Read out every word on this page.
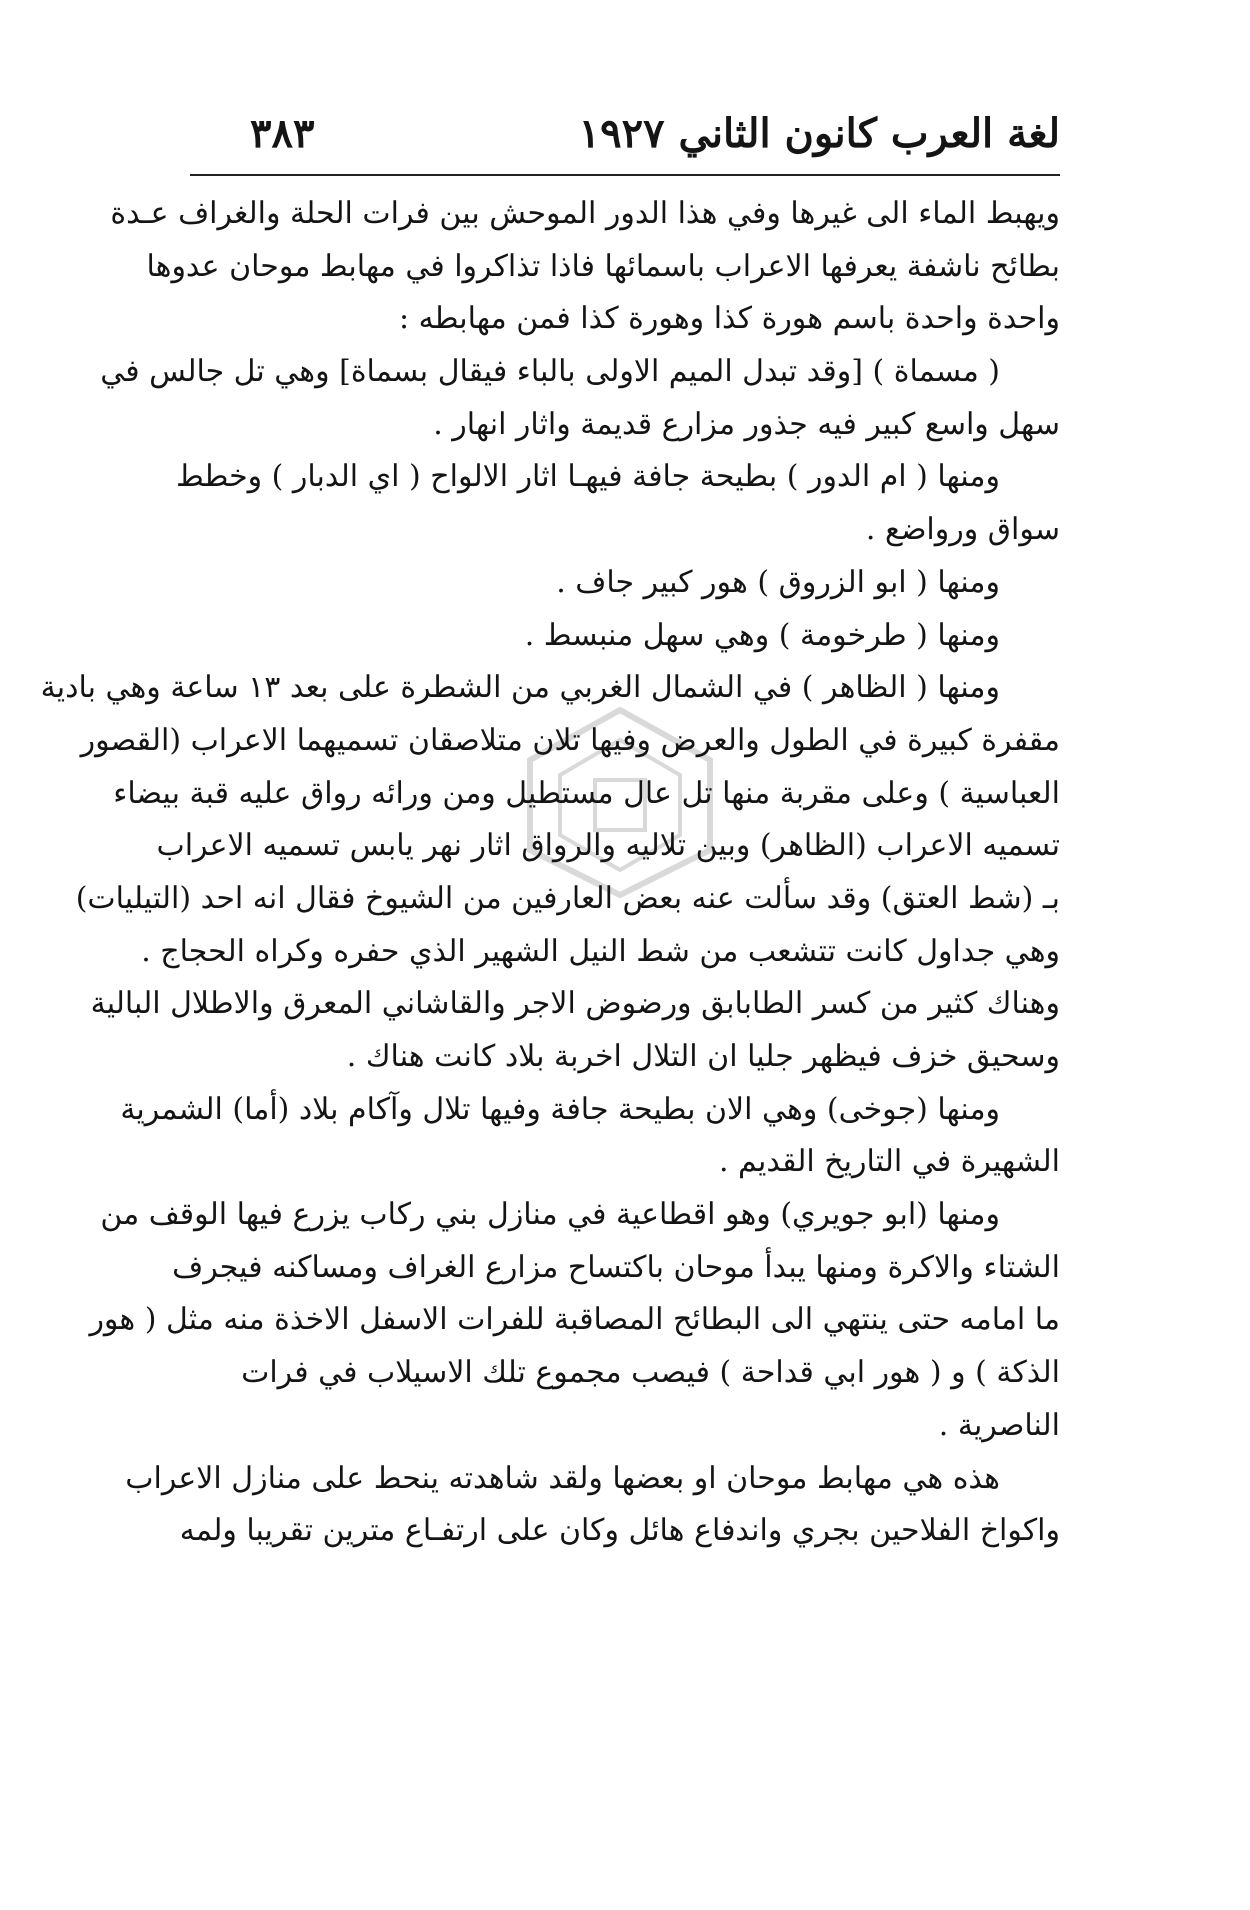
لغة العرب كانون الثاني ١٩٢٧
٣٨٣
ويهبط الماء الى غيرها وفي هذا الدور الموحش بين فرات الحلة والغراف عـدة
بطائح ناشفة يعرفها الاعراب باسمائها فاذا تذاكروا في مهابط موحان عدوها
واحدة واحدة باسم هورة كذا وهورة كذا فمن مهابطه :
( مسماة ) [وقد تبدل الميم الاولى بالباء فيقال بسماة] وهي تل جالس في
سهل واسع كبير فيه جذور مزارع قديمة واثار انهار .
ومنها ( ام الدور ) بطيحة جافة فيهـا اثار الالواح ( اي الدبار ) وخطط
سواق ورواضع .
ومنها ( ابو الزروق ) هور كبير جاف .
ومنها ( طرخومة ) وهي سهل منبسط .
ومنها ( الظاهر ) في الشمال الغربي من الشطرة على بعد ١٣ ساعة وهي بادية
مقفرة كبيرة في الطول والعرض وفيها تلان متلاصقان تسميهما الاعراب (القصور
العباسية ) وعلى مقربة منها تل عال مستطيل ومن ورائه رواق عليه قبة بيضاء
تسميه الاعراب (الظاهر) وبين تلاليه والرواق اثار نهر يابس تسميه الاعراب
بـ (شط العتق) وقد سألت عنه بعض العارفين من الشيوخ فقال انه احد (التيليات)
وهي جداول كانت تتشعب من شط النيل الشهير الذي حفره وكراه الحجاج .
وهناك كثير من كسر الطابابق ورضوض الاجر والقاشاني المعرق والاطلال البالية
وسحيق خزف فيظهر جليا ان التلال اخربة بلاد كانت هناك .
ومنها (جوخى) وهي الان بطيحة جافة وفيها تلال وآكام بلاد (أما) الشمرية
الشهيرة في التاريخ القديم .
ومنها (ابو جويري) وهو اقطاعية في منازل بني ركاب يزرع فيها الوقف من
الشتاء والاكرة ومنها يبدأ موحان باكتساح مزارع الغراف ومساكنه فيجرف
ما امامه حتى ينتهي الى البطائح المصاقبة للفرات الاسفل الاخذة منه مثل ( هور
الذكة ) و ( هور ابي قداحة ) فيصب مجموع تلك الاسيلاب في فرات
الناصرية .
هذه هي مهابط موحان او بعضها ولقد شاهدته ينحط على منازل الاعراب
واكواخ الفلاحين بجري واندفاع هائل وكان على ارتفـاع مترين تقريبا ولمه
